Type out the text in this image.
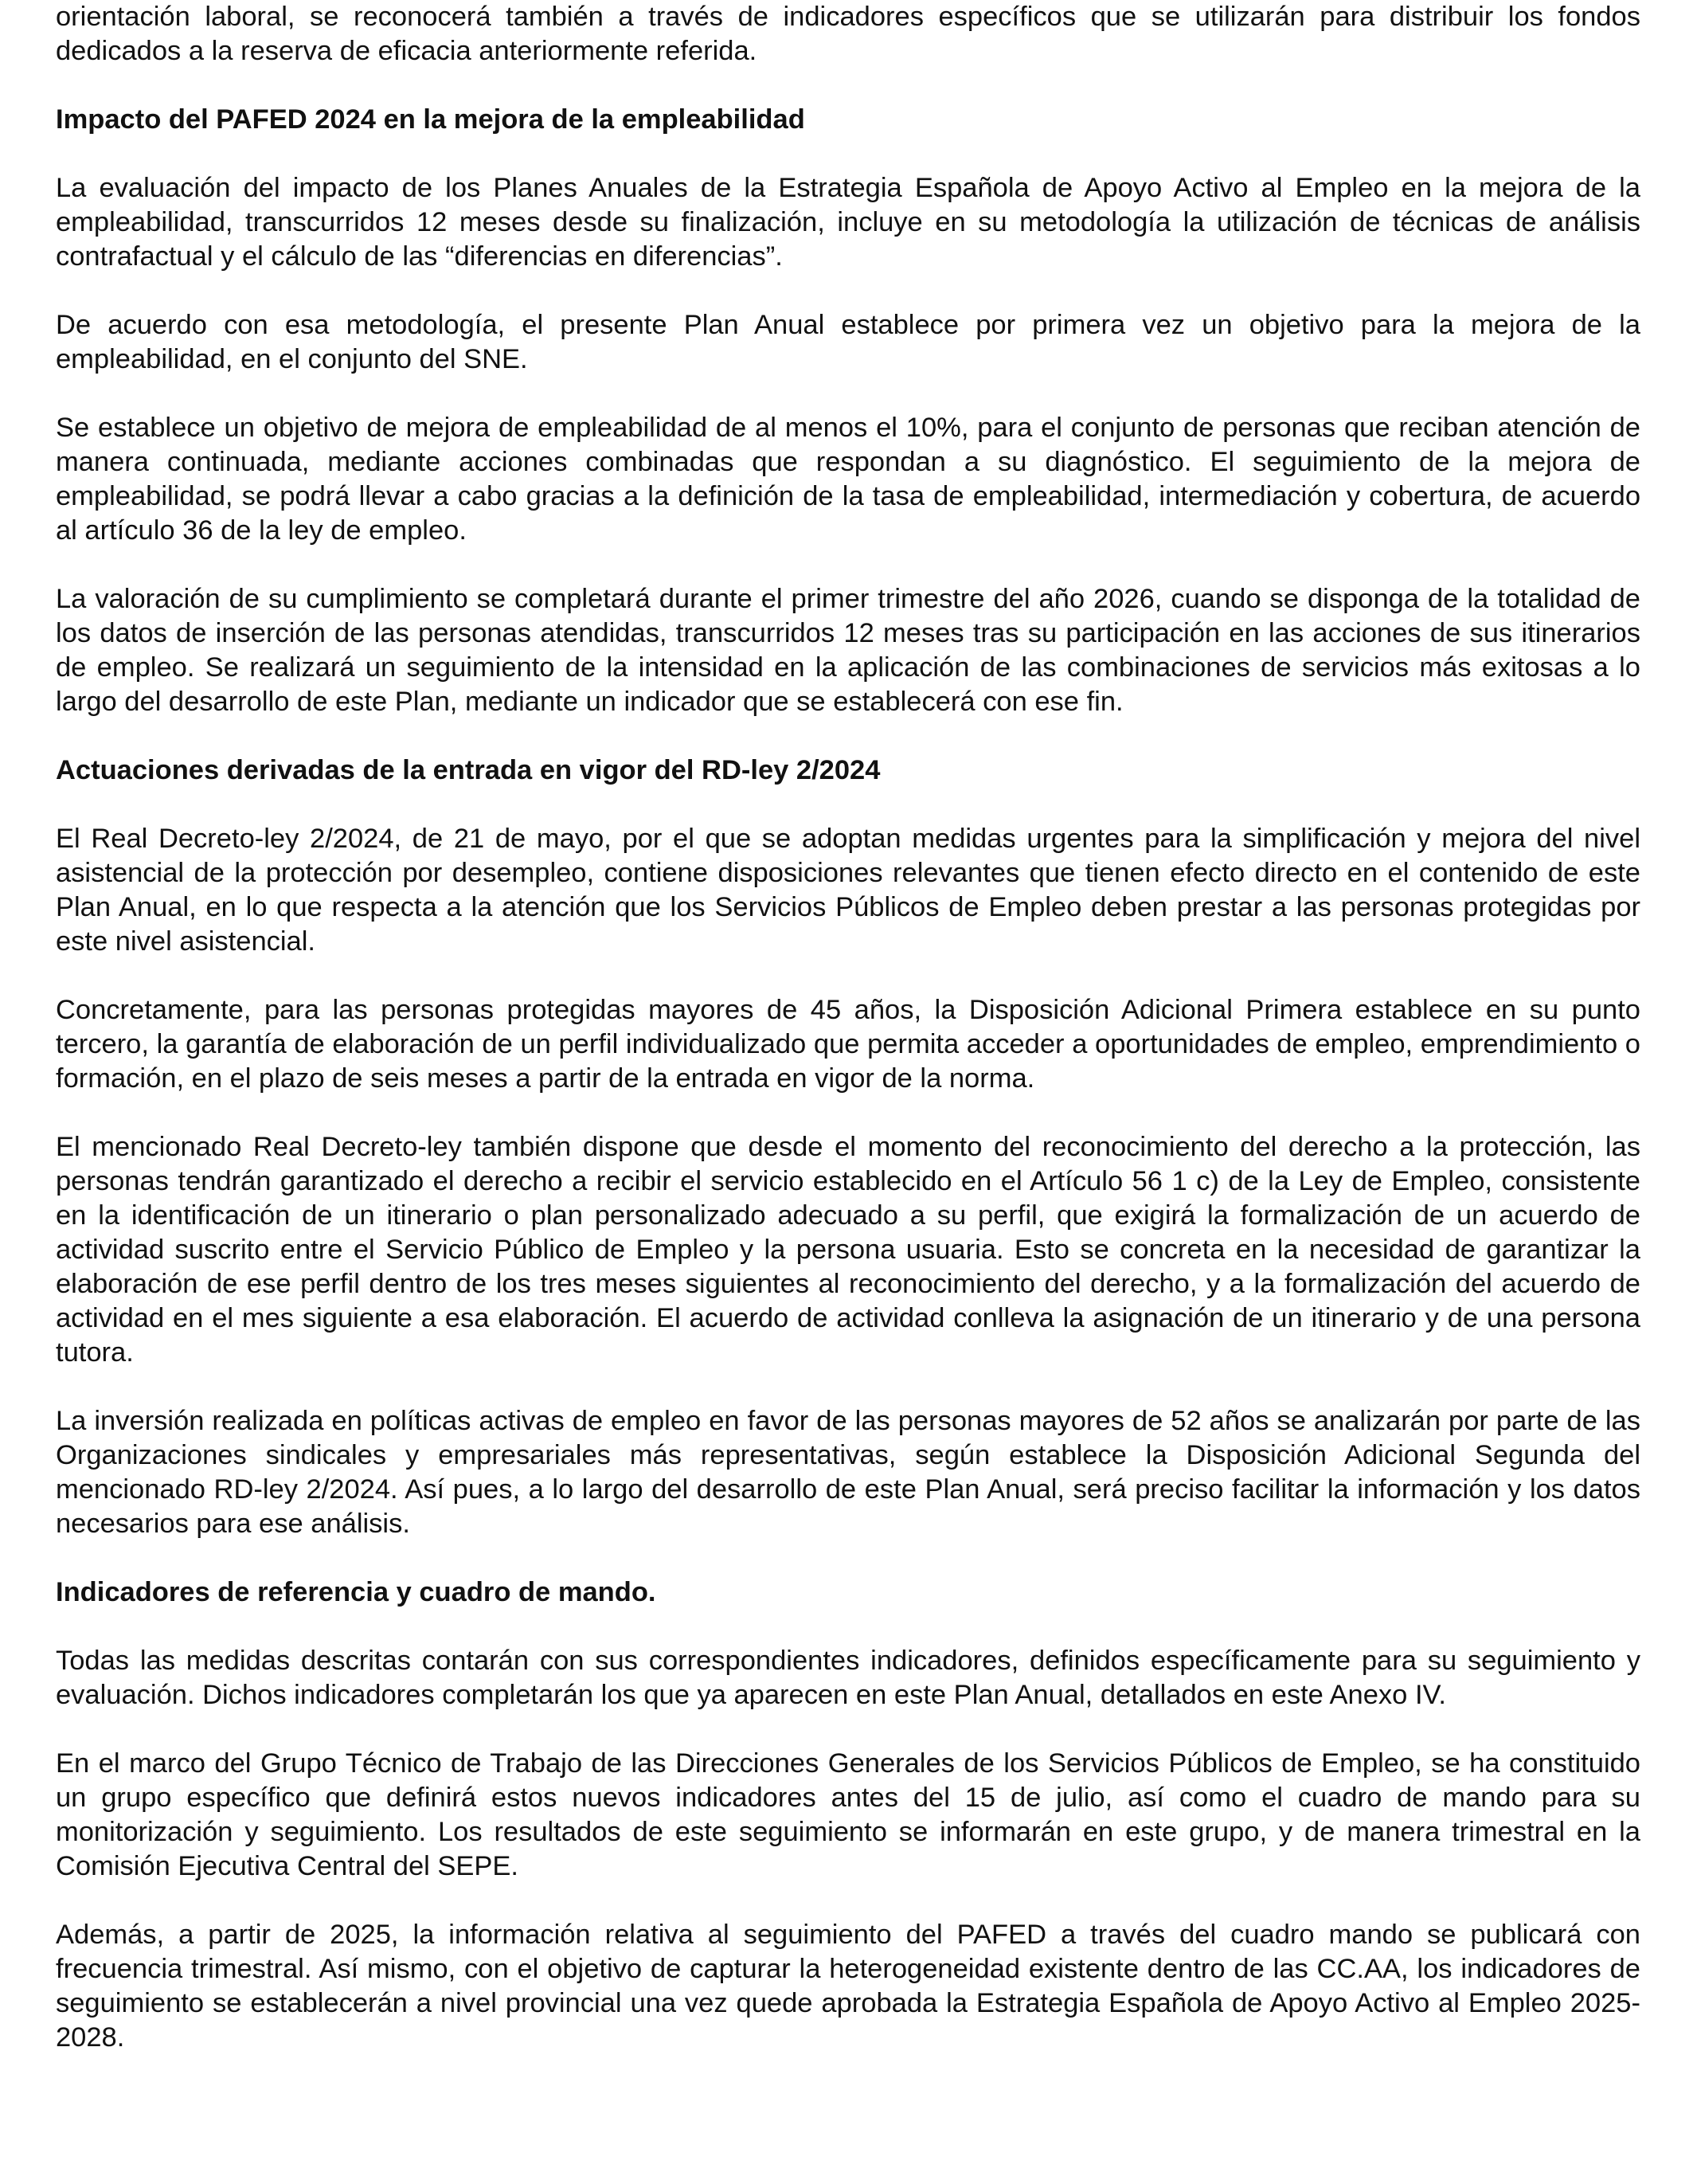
orientación laboral, se reconocerá también a través de indicadores específicos que se utilizarán para distribuir los fondos dedicados a la reserva de eficacia anteriormente referida.

Impacto del PAFED 2024 en la mejora de la empleabilidad

La evaluación del impacto de los Planes Anuales de la Estrategia Española de Apoyo Activo al Empleo en la mejora de la empleabilidad, transcurridos 12 meses desde su finalización, incluye en su metodología la utilización de técnicas de análisis contrafactual y el cálculo de las “diferencias en diferencias”.

De acuerdo con esa metodología, el presente Plan Anual establece por primera vez un objetivo para la mejora de la empleabilidad, en el conjunto del SNE.

Se establece un objetivo de mejora de empleabilidad de al menos el 10%, para el conjunto de personas que reciban atención de manera continuada, mediante acciones combinadas que respondan a su diagnóstico. El seguimiento de la mejora de empleabilidad, se podrá llevar a cabo gracias a la definición de la tasa de empleabilidad, intermediación y cobertura, de acuerdo al artículo 36 de la ley de empleo.

La valoración de su cumplimiento se completará durante el primer trimestre del año 2026, cuando se disponga de la totalidad de los datos de inserción de las personas atendidas, transcurridos 12 meses tras su participación en las acciones de sus itinerarios de empleo. Se realizará un seguimiento de la intensidad en la aplicación de las combinaciones de servicios más exitosas a lo largo del desarrollo de este Plan, mediante un indicador que se establecerá con ese fin.

Actuaciones derivadas de la entrada en vigor del RD-ley 2/2024

El Real Decreto-ley 2/2024, de 21 de mayo, por el que se adoptan medidas urgentes para la simplificación y mejora del nivel asistencial de la protección por desempleo, contiene disposiciones relevantes que tienen efecto directo en el contenido de este Plan Anual, en lo que respecta a la atención que los Servicios Públicos de Empleo deben prestar a las personas protegidas por este nivel asistencial.

Concretamente, para las personas protegidas mayores de 45 años, la Disposición Adicional Primera establece en su punto tercero, la garantía de elaboración de un perfil individualizado que permita acceder a oportunidades de empleo, emprendimiento o formación, en el plazo de seis meses a partir de la entrada en vigor de la norma.

El mencionado Real Decreto-ley también dispone que desde el momento del reconocimiento del derecho a la protección, las personas tendrán garantizado el derecho a recibir el servicio establecido en el Artículo 56 1 c) de la Ley de Empleo, consistente en la identificación de un itinerario o plan personalizado adecuado a su perfil, que exigirá la formalización de un acuerdo de actividad suscrito entre el Servicio Público de Empleo y la persona usuaria. Esto se concreta en la necesidad de garantizar la elaboración de ese perfil dentro de los tres meses siguientes al reconocimiento del derecho, y a la formalización del acuerdo de actividad en el mes siguiente a esa elaboración. El acuerdo de actividad conlleva la asignación de un itinerario y de una persona tutora.

La inversión realizada en políticas activas de empleo en favor de las personas mayores de 52 años se analizarán por parte de las Organizaciones sindicales y empresariales más representativas, según establece la Disposición Adicional Segunda del mencionado RD-ley 2/2024. Así pues, a lo largo del desarrollo de este Plan Anual, será preciso facilitar la información y los datos necesarios para ese análisis.

Indicadores de referencia y cuadro de mando.

Todas las medidas descritas contarán con sus correspondientes indicadores, definidos específicamente para su seguimiento y evaluación. Dichos indicadores completarán los que ya aparecen en este Plan Anual, detallados en este Anexo IV.

En el marco del Grupo Técnico de Trabajo de las Direcciones Generales de los Servicios Públicos de Empleo, se ha constituido un grupo específico que definirá estos nuevos indicadores antes del 15 de julio, así como el cuadro de mando para su monitorización y seguimiento. Los resultados de este seguimiento se informarán en este grupo, y de manera trimestral en la Comisión Ejecutiva Central del SEPE.

Además, a partir de 2025, la información relativa al seguimiento del PAFED a través del cuadro mando se publicará con frecuencia trimestral. Así mismo, con el objetivo de capturar la heterogeneidad existente dentro de las CC.AA, los indicadores de seguimiento se establecerán a nivel provincial una vez quede aprobada la Estrategia Española de Apoyo Activo al Empleo 2025-2028.
